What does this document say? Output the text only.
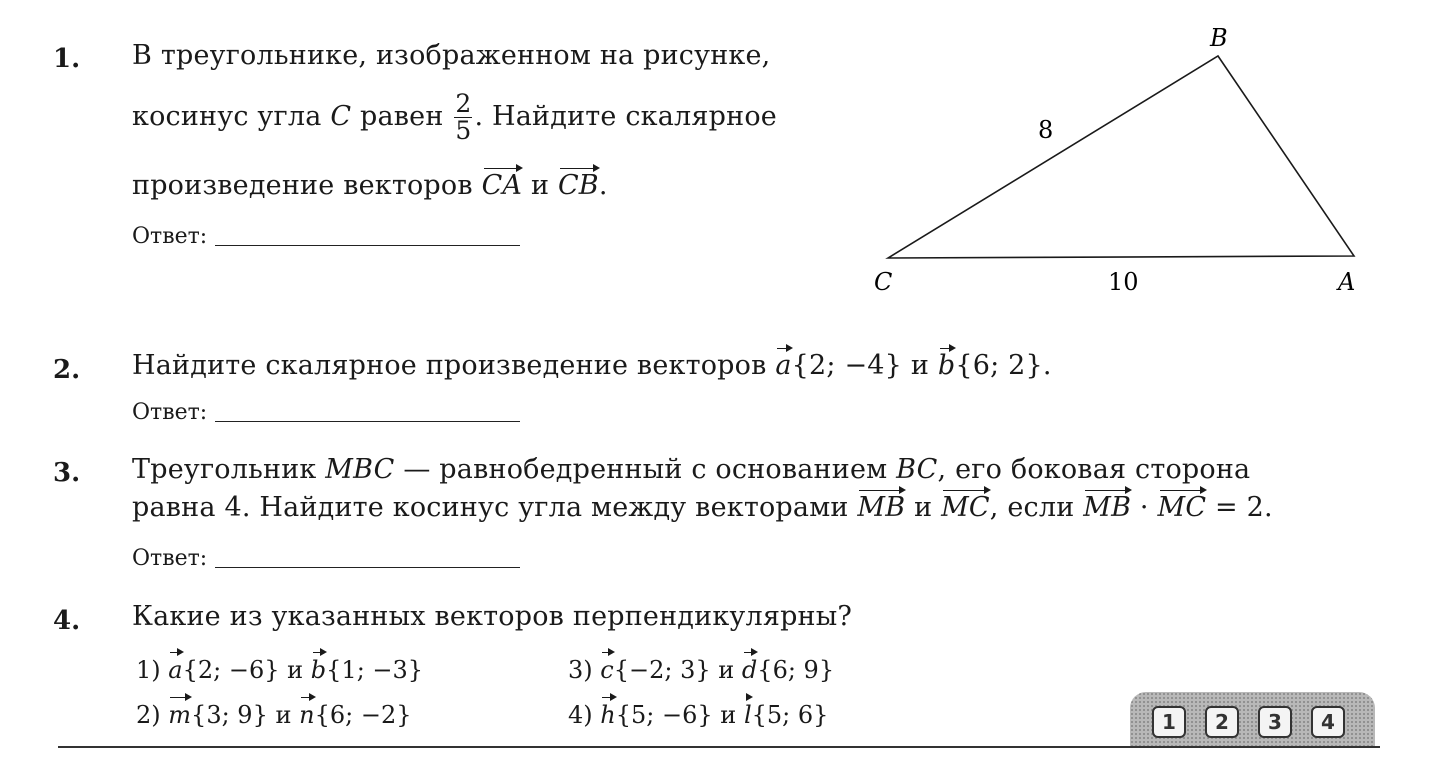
1. В треугольнике, изображенном на рисунке,
косинус угла C равен $\frac{2}{5}$ . Найдите скалярное
произведение векторов CA и CB.
Ответ:
C
B
A
8
10
2. Найдите скалярное произведение векторов a{2; −4} и b{6; 2}.
Ответ:
3. Треугольник MBC — равнобедренный с основанием BC, его боковая сторона
равна 4. Найдите косинус угла между векторами MB и MC, если MB · MC = 2.
Ответ:
4. Какие из указанных векторов перпендикулярны?
1) a{2; −6} и b{1; −3}
2) m{3; 9} и n{6; −2}
3) c{−2; 3} и d{6; 9}
4) h{5; −6} и l{5; 6}	1	2	3	4
